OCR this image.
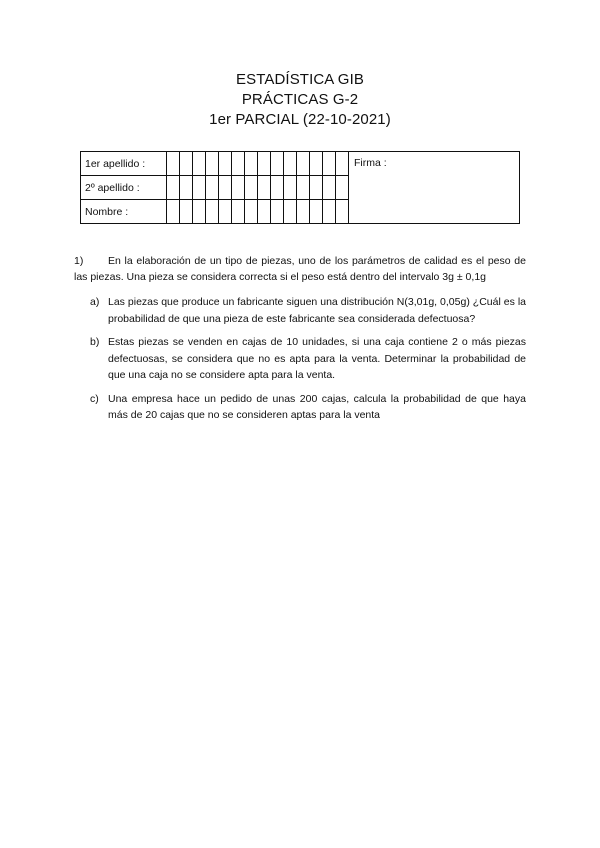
ESTADÍSTICA GIB
PRÁCTICAS G-2
1er PARCIAL (22-10-2021)
1er apellido :															Firma :
2º apellido :															
Nombre :															
1) En la elaboración de un tipo de piezas, uno de los parámetros de calidad es el peso de las piezas. Una pieza se considera correcta si el peso está dentro del intervalo 3g ± 0,1g
a) Las piezas que produce un fabricante siguen una distribución N(3,01g, 0,05g) ¿Cuál es la probabilidad de que una pieza de este fabricante sea considerada defectuosa?
b) Estas piezas se venden en cajas de 10 unidades, si una caja contiene 2 o más piezas defectuosas, se considera que no es apta para la venta. Determinar la probabilidad de que una caja no se considere apta para la venta.
c) Una empresa hace un pedido de unas 200 cajas, calcula la probabilidad de que haya más de 20 cajas que no se consideren aptas para la venta
